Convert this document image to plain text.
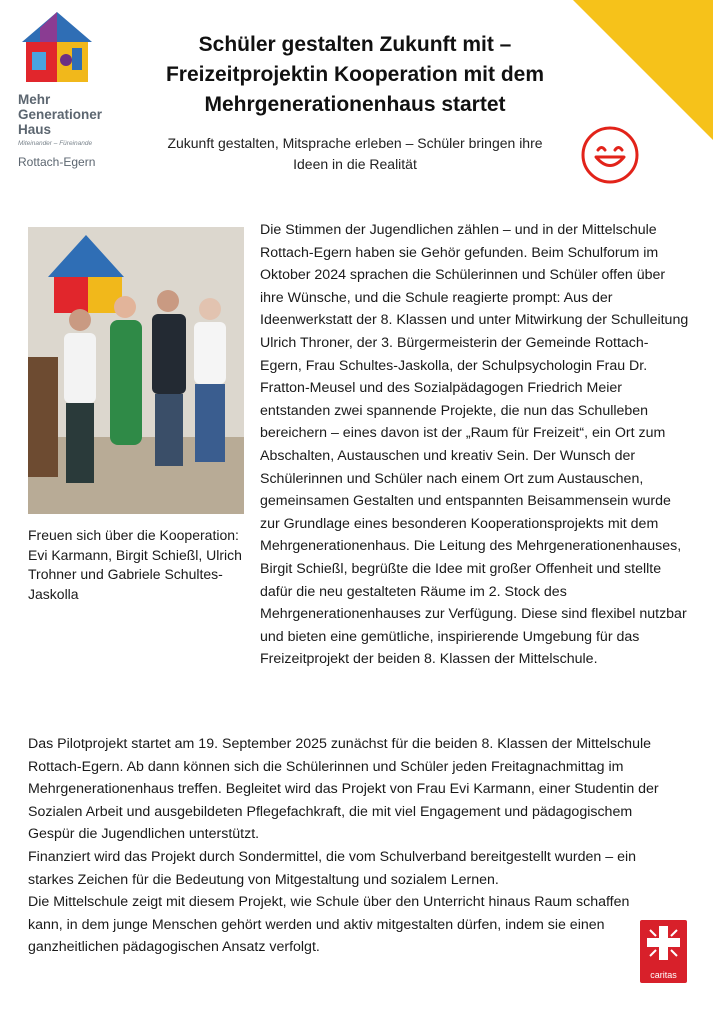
Mehr
Generationer
Haus
Miteinander – Füreinande
Rottach-Egern
Schüler gestalten Zukunft mit – Freizeitprojektin Kooperation mit dem Mehrgenerationenhaus startet
Zukunft gestalten, Mitsprache erleben – Schüler bringen ihre Ideen in die Realität
Freuen sich über die Kooperation: Evi Karmann, Birgit Schießl, Ulrich Trohner und Gabriele Schultes-Jaskolla
Die Stimmen der Jugendlichen zählen – und in der Mittelschule Rottach-Egern haben sie Gehör gefunden. Beim Schulforum im Oktober 2024 sprachen die Schülerinnen und Schüler offen über ihre Wünsche, und die Schule reagierte prompt: Aus der Ideenwerkstatt der 8. Klassen und unter Mitwirkung der Schulleitung Ulrich Throner, der 3. Bürgermeisterin der Gemeinde Rottach-Egern, Frau Schultes-Jaskolla, der Schulpsychologin Frau Dr. Fratton-Meusel und des Sozialpädagogen Friedrich Meier entstanden zwei spannende Projekte, die nun das Schulleben bereichern – eines davon ist der „Raum für Freizeit“, ein Ort zum Abschalten, Austauschen und kreativ Sein. Der Wunsch der Schülerinnen und Schüler nach einem Ort zum Austauschen, gemeinsamen Gestalten und entspannten Beisammensein wurde zur Grundlage eines besonderen Kooperationsprojekts mit dem Mehrgenerationenhaus. Die Leitung des Mehrgenerationenhauses, Birgit Schießl, begrüßte die Idee mit großer Offenheit und stellte dafür die neu gestalteten Räume im 2. Stock des Mehrgenerationenhauses zur Verfügung. Diese sind flexibel nutzbar und bieten eine gemütliche, inspirierende Umgebung für das Freizeitprojekt der beiden 8. Klassen der Mittelschule.

Das Pilotprojekt startet am 19. September 2025 zunächst für die beiden 8. Klassen der Mittelschule Rottach-Egern. Ab dann können sich die Schülerinnen und Schüler jeden Freitagnachmittag im Mehrgenerationenhaus treffen. Begleitet wird das Projekt von Frau Evi Karmann, einer Studentin der Sozialen Arbeit und ausgebildeten Pflegefachkraft, die mit viel Engagement und pädagogischem Gespür die Jugendlichen unterstützt.

Finanziert wird das Projekt durch Sondermittel, die vom Schulverband bereitgestellt wurden – ein starkes Zeichen für die Bedeutung von Mitgestaltung und sozialem Lernen.

Die Mittelschule zeigt mit diesem Projekt, wie Schule über den Unterricht hinaus Raum schaffen kann, in dem junge Menschen gehört werden und aktiv mitgestalten dürfen, indem sie einen ganzheitlichen pädagogischen Ansatz verfolgt.

caritas
